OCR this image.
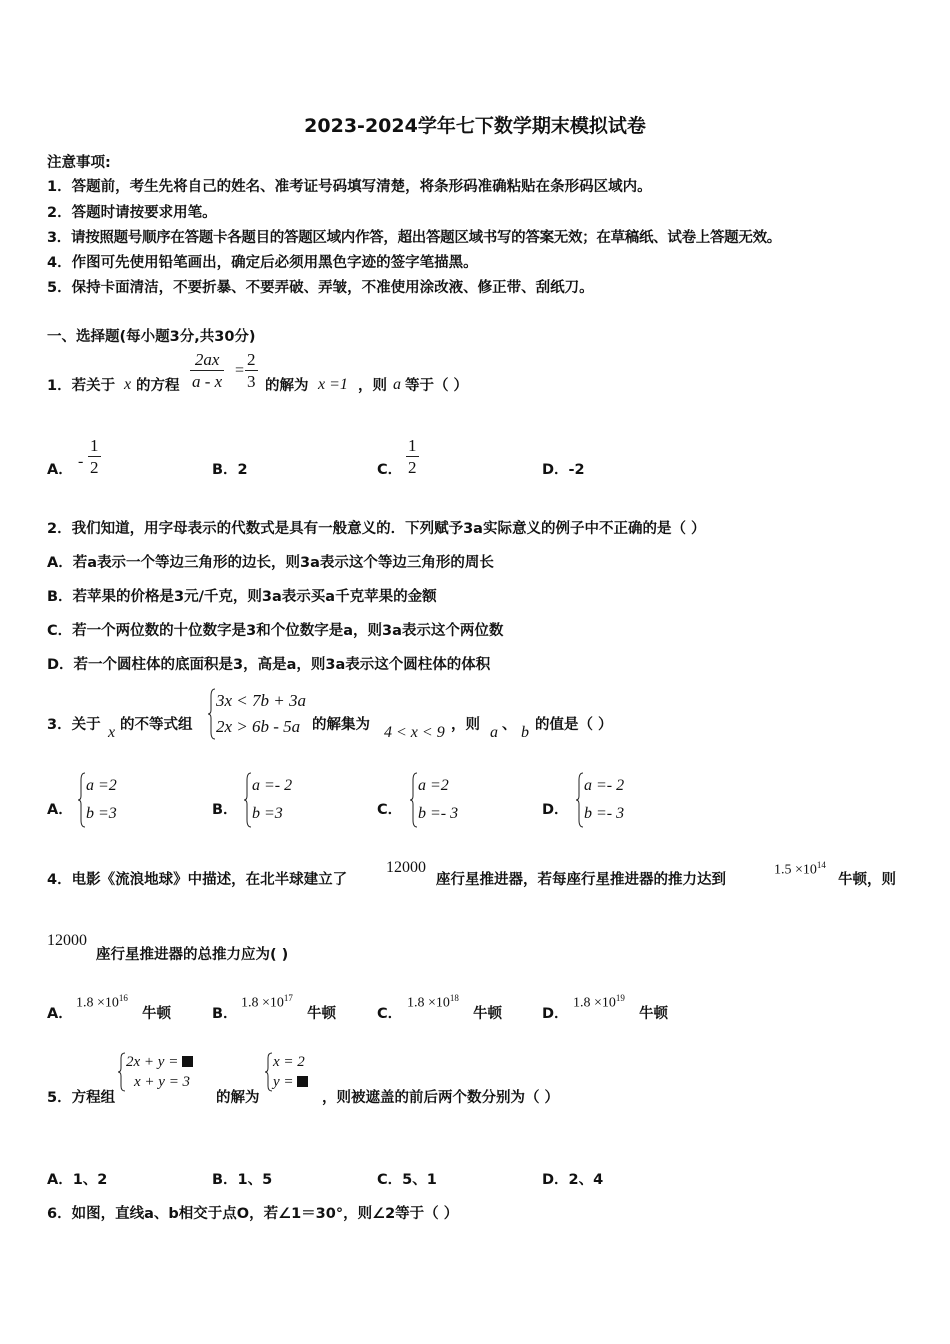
2023-2024学年七下数学期末模拟试卷
注意事项:
1．答题前，考生先将自己的姓名、准考证号码填写清楚，将条形码准确粘贴在条形码区域内。
2．答题时请按要求用笔。
3．请按照题号顺序在答题卡各题目的答题区域内作答，超出答题区域书写的答案无效；在草稿纸、试卷上答题无效。
4．作图可先使用铅笔画出，确定后必须用黑色字迹的签字笔描黑。
5．保持卡面清洁，不要折暴、不要弄破、弄皱，不准使用涂改液、修正带、刮纸刀。
一、选择题(每小题3分,共30分)
1．若关于 x 的方程 $\frac{2ax}{a - x} = \frac{2}{3}$ 的解为 x =1 ，则 a 等于（ ）
A． - $\frac{1}{2}$	B．2	C． $\frac{1}{2}$	D．-2
2．我们知道，用字母表示的代数式是具有一般意义的．下列赋予3a实际意义的例子中不正确的是（ ）
A．若a表示一个等边三角形的边长，则3a表示这个等边三角形的周长
B．若苹果的价格是3元/千克，则3a表示买a千克苹果的金额
C．若一个两位数的十位数字是3和个位数字是a，则3a表示这个两位数
D．若一个圆柱体的底面积是3，高是a，则3a表示这个圆柱体的体积
3．关于 x 的不等式组
3x < 7b + 3a
2x > 6b - 5a 的解集为 4 < x < 9 ，则 a 、 b 的值是（ ）
A．
a =2
b =3	B．
a =- 2
b =3	C．
a =2
b =- 3	D．
a =- 2
b =- 3
4．电影《流浪地球》中描述，在北半球建立了
12000
座行星推进器，若每座行星推进器的推力达到
$1.5 \times 10^{14}$
牛顿，则
12000
座行星推进器的总推力应为( )
A．
$1.8 \times 10^{16}$
牛顿	B．
$1.8 \times 10^{17}$
牛顿	C．
$1.8 \times 10^{18}$
牛顿	D．
$1.8 \times 10^{19}$
牛顿
5．方程组
2x + y =
x + y = 3
的解为
x = 2
y =
，则被遮盖的前后两个数分别为（ ）
A．1、2	B．1、5	C．5、1	D．2、4
6．如图，直线a、b相交于点O，若∠1＝30°，则∠2等于（ ）
